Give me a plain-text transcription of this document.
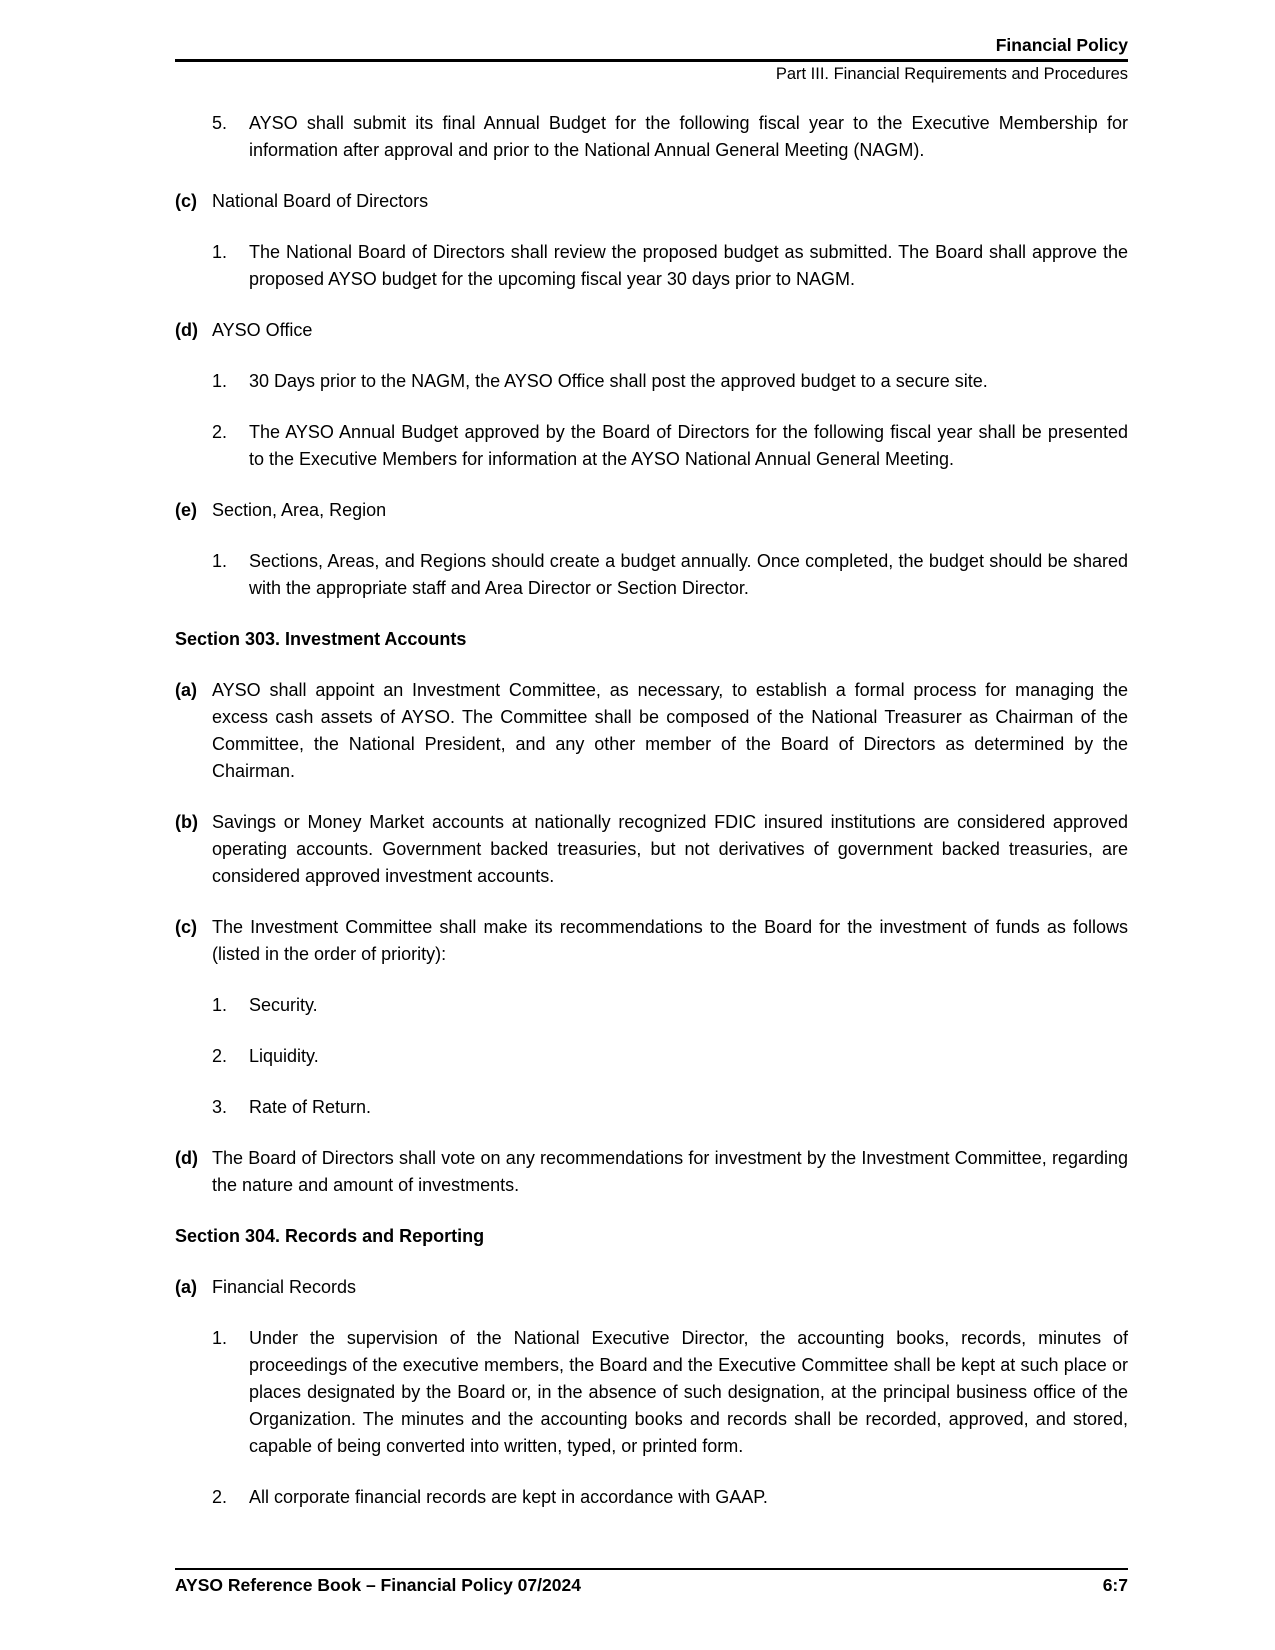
Financial Policy
Part III. Financial Requirements and Procedures
5.	AYSO shall submit its final Annual Budget for the following fiscal year to the Executive Membership for information after approval and prior to the National Annual General Meeting (NAGM).
(c) National Board of Directors
1.	The National Board of Directors shall review the proposed budget as submitted. The Board shall approve the proposed AYSO budget for the upcoming fiscal year 30 days prior to NAGM.
(d) AYSO Office
1.	30 Days prior to the NAGM, the AYSO Office shall post the approved budget to a secure site.
2.	The AYSO Annual Budget approved by the Board of Directors for the following fiscal year shall be presented to the Executive Members for information at the AYSO National Annual General Meeting.
(e) Section, Area, Region
1.	Sections, Areas, and Regions should create a budget annually. Once completed, the budget should be shared with the appropriate staff and Area Director or Section Director.
Section 303. Investment Accounts
(a) AYSO shall appoint an Investment Committee, as necessary, to establish a formal process for managing the excess cash assets of AYSO. The Committee shall be composed of the National Treasurer as Chairman of the Committee, the National President, and any other member of the Board of Directors as determined by the Chairman.
(b) Savings or Money Market accounts at nationally recognized FDIC insured institutions are considered approved operating accounts. Government backed treasuries, but not derivatives of government backed treasuries, are considered approved investment accounts.
(c) The Investment Committee shall make its recommendations to the Board for the investment of funds as follows (listed in the order of priority):
1.	Security.
2.	Liquidity.
3.	Rate of Return.
(d) The Board of Directors shall vote on any recommendations for investment by the Investment Committee, regarding the nature and amount of investments.
Section 304. Records and Reporting
(a) Financial Records
1.	Under the supervision of the National Executive Director, the accounting books, records, minutes of proceedings of the executive members, the Board and the Executive Committee shall be kept at such place or places designated by the Board or, in the absence of such designation, at the principal business office of the Organization. The minutes and the accounting books and records shall be recorded, approved, and stored, capable of being converted into written, typed, or printed form.
2.	All corporate financial records are kept in accordance with GAAP.
AYSO Reference Book – Financial Policy 07/2024	6:7
